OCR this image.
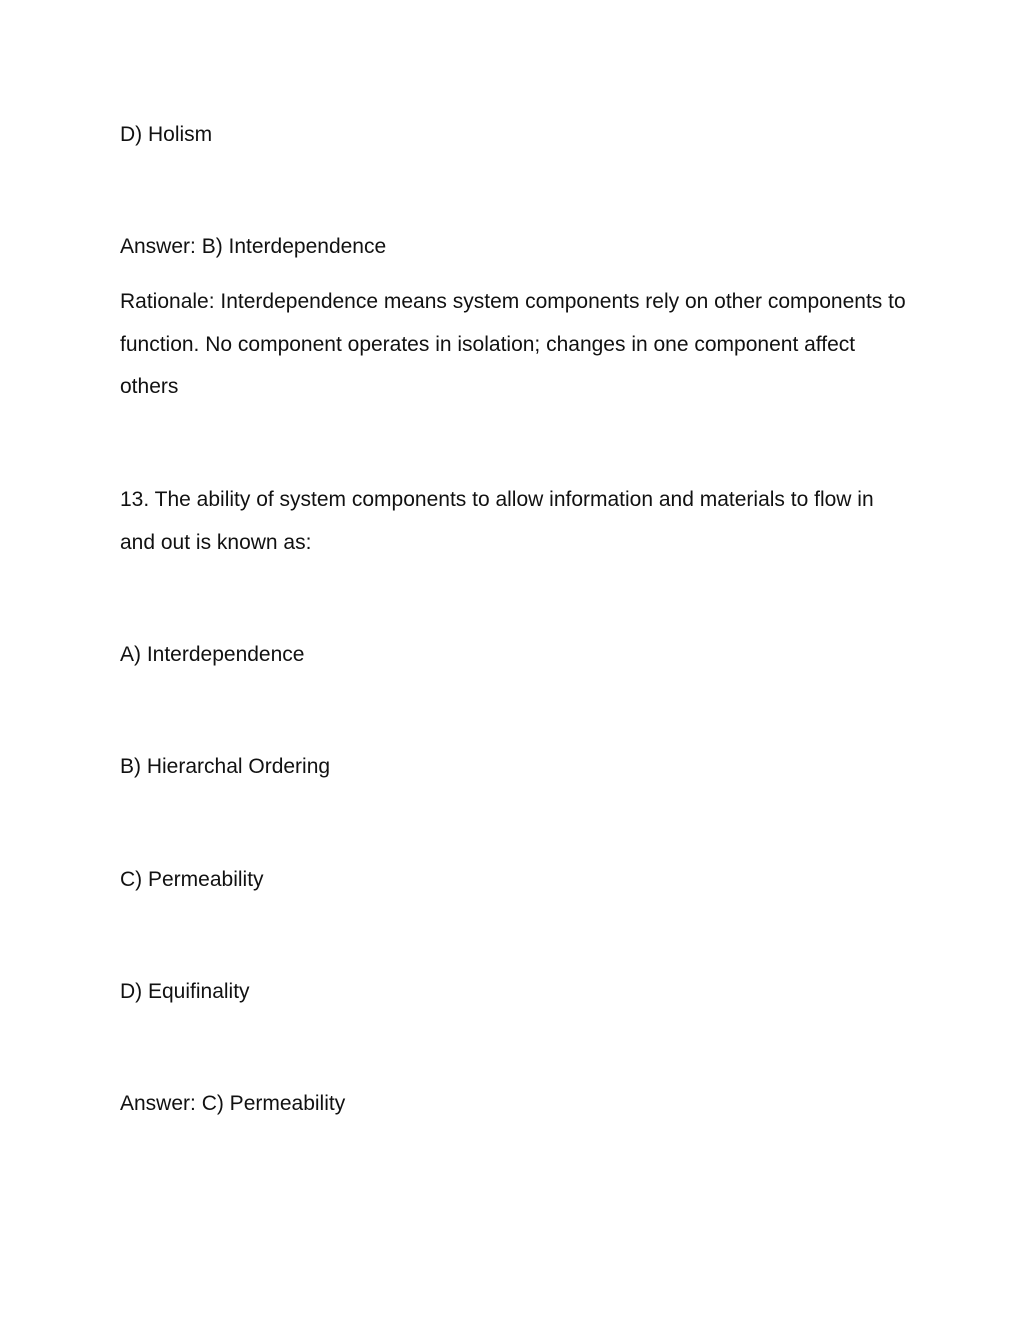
D) Holism

Answer: B) Interdependence

Rationale: Interdependence means system components rely on other components to function. No component operates in isolation; changes in one component affect others

13. The ability of system components to allow information and materials to flow in and out is known as:

A) Interdependence

B) Hierarchal Ordering

C) Permeability

D) Equifinality

Answer: C) Permeability
